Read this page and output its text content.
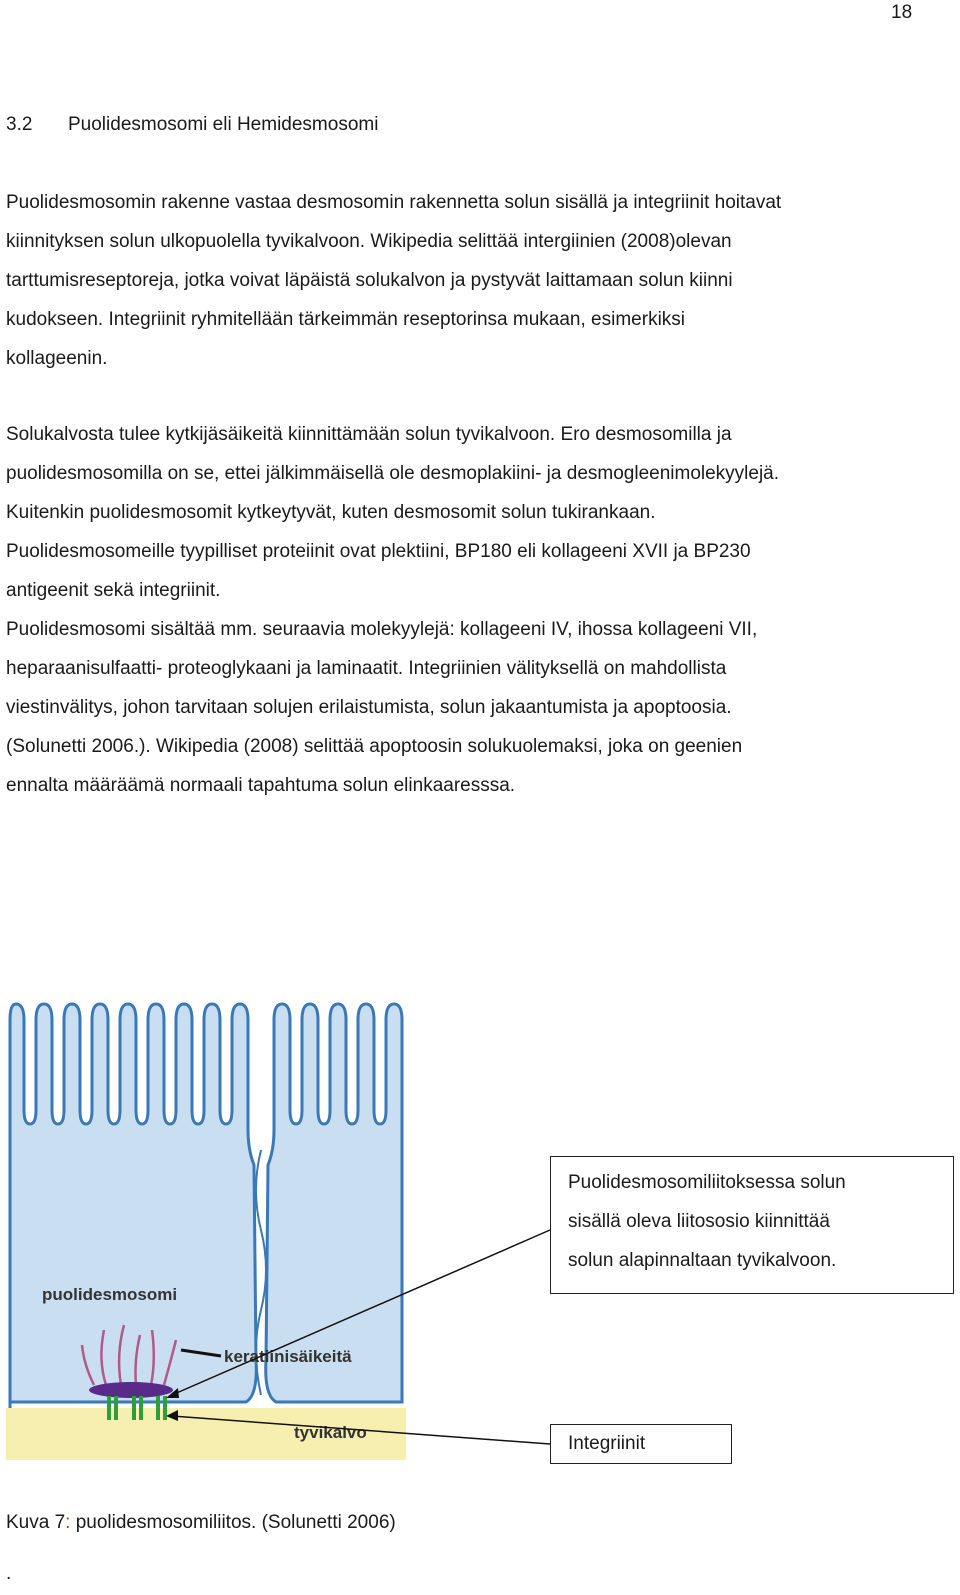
18
3.2 Puolidesmosomi eli Hemidesmosomi

Puolidesmosomin rakenne vastaa desmosomin rakennetta solun sisällä ja integriinit hoitavat
kiinnityksen solun ulkopuolella tyvikalvoon. Wikipedia selittää intergiinien (2008)olevan
tarttumisreseptoreja, jotka voivat läpäistä solukalvon ja pystyvät laittamaan solun kiinni
kudokseen. Integriinit ryhmitellään tärkeimmän reseptorinsa mukaan, esimerkiksi
kollageenin.

Solukalvosta tulee kytkijäsäikeitä kiinnittämään solun tyvikalvoon. Ero desmosomilla ja
puolidesmosomilla on se, ettei jälkimmäisellä ole desmoplakiini- ja desmogleenimolekyylejä.
Kuitenkin puolidesmosomit kytkeytyvät, kuten desmosomit solun tukirankaan.
Puolidesmosomeille tyypilliset proteiinit ovat plektiini, BP180 eli kollageeni XVII ja BP230
antigeenit sekä integriinit.
Puolidesmosomi sisältää mm. seuraavia molekyylejä: kollageeni IV, ihossa kollageeni VII,
heparaanisulfaatti- proteoglykaani ja laminaatit. Integriinien välityksellä on mahdollista
viestinvälitys, johon tarvitaan solujen erilaistumista, solun jakaantumista ja apoptoosia.
(Solunetti 2006.). Wikipedia (2008) selittää apoptoosin solukuolemaksi, joka on geenien
ennalta määräämä normaali tapahtuma solun elinkaaresssa.

puolidesmosomi
keratiinisäikeitä
tyvikalvo
Puolidesmosomiliitoksessa solun
sisällä oleva liitososio kiinnittää
solun alapinnaltaan tyvikalvoon.
Integriinit
Kuva 7: puolidesmosomiliitos. (Solunetti 2006)
.
